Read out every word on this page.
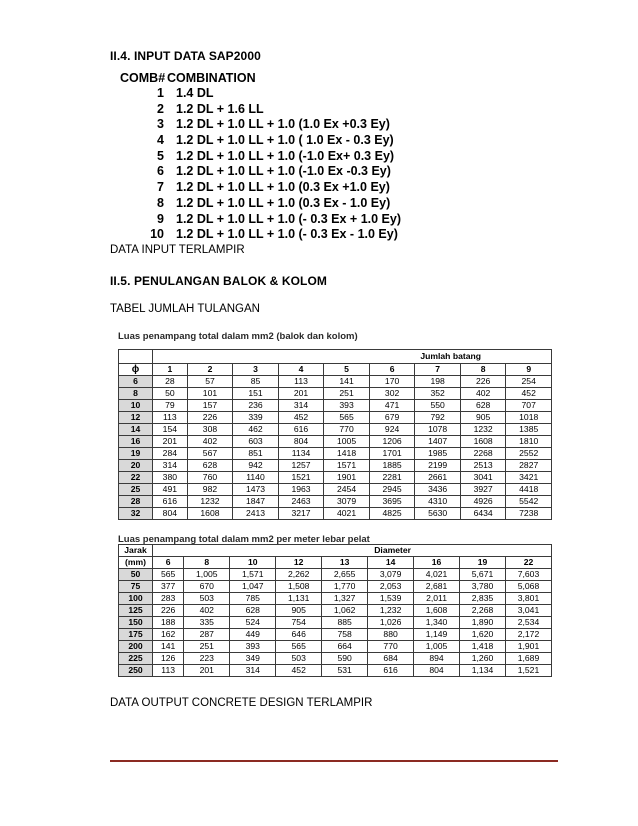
II.4. INPUT DATA SAP2000
COMB# COMBINATION
1 1.4 DL
2 1.2 DL + 1.6 LL
3 1.2 DL + 1.0 LL + 1.0 (1.0 Ex +0.3 Ey)
4 1.2 DL + 1.0 LL + 1.0 ( 1.0 Ex - 0.3 Ey)
5 1.2 DL + 1.0 LL + 1.0 (-1.0 Ex+ 0.3 Ey)
6 1.2 DL + 1.0 LL + 1.0 (-1.0 Ex -0.3 Ey)
7 1.2 DL + 1.0 LL + 1.0 (0.3 Ex +1.0 Ey)
8 1.2 DL + 1.0 LL + 1.0 (0.3 Ex - 1.0 Ey)
9 1.2 DL + 1.0 LL + 1.0 (- 0.3 Ex + 1.0 Ey)
10 1.2 DL + 1.0 LL + 1.0 (- 0.3 Ex - 1.0 Ey)
DATA INPUT TERLAMPIR
II.5. PENULANGAN BALOK & KOLOM
TABEL JUMLAH TULANGAN
Luas penampang total dalam mm2 (balok dan kolom)
	Jumlah batang								
ϕ	1	2	3	4	5	6	7	8	9
6	28	57	85	113	141	170	198	226	254
8	50	101	151	201	251	302	352	402	452
10	79	157	236	314	393	471	550	628	707
12	113	226	339	452	565	679	792	905	1018
14	154	308	462	616	770	924	1078	1232	1385
16	201	402	603	804	1005	1206	1407	1608	1810
19	284	567	851	1134	1418	1701	1985	2268	2552
20	314	628	942	1257	1571	1885	2199	2513	2827
22	380	760	1140	1521	1901	2281	2661	3041	3421
25	491	982	1473	1963	2454	2945	3436	3927	4418
28	616	1232	1847	2463	3079	3695	4310	4926	5542
32	804	1608	2413	3217	4021	4825	5630	6434	7238
Luas penampang total dalam mm2 per meter lebar pelat
Jarak	Diameter								
(mm)	6	8	10	12	13	14	16	19	22
50	565	1,005	1,571	2,262	2,655	3,079	4,021	5,671	7,603
75	377	670	1,047	1,508	1,770	2,053	2,681	3,780	5,068
100	283	503	785	1,131	1,327	1,539	2,011	2,835	3,801
125	226	402	628	905	1,062	1,232	1,608	2,268	3,041
150	188	335	524	754	885	1,026	1,340	1,890	2,534
175	162	287	449	646	758	880	1,149	1,620	2,172
200	141	251	393	565	664	770	1,005	1,418	1,901
225	126	223	349	503	590	684	894	1,260	1,689
250	113	201	314	452	531	616	804	1,134	1,521
DATA OUTPUT CONCRETE DESIGN TERLAMPIR
